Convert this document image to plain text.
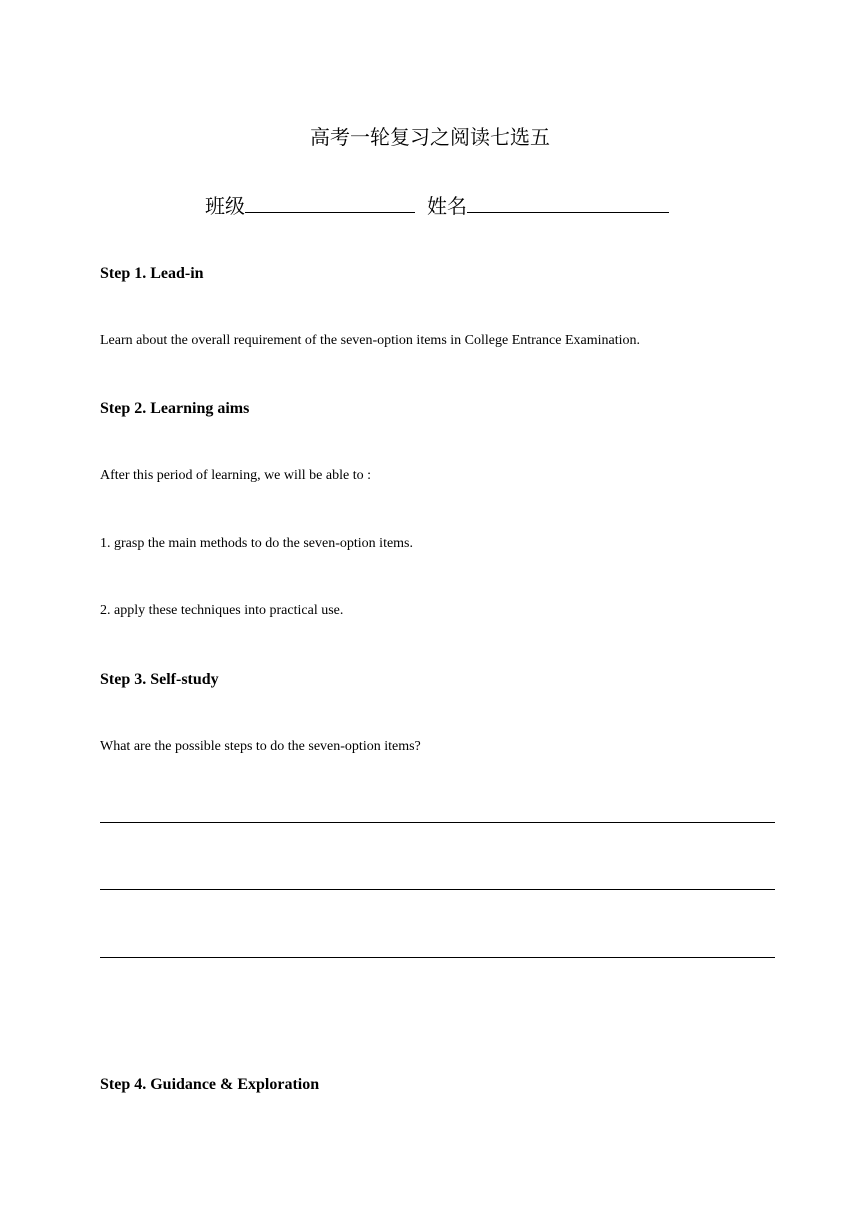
高考一轮复习之阅读七选五
班级	姓名
Step 1. Lead-in
Learn about the overall requirement of the seven-option items in College Entrance Examination.
Step 2. Learning aims
After this period of learning, we will be able to :
1. grasp the main methods to do the seven-option items.
2. apply these techniques into practical use.
Step 3. Self-study
What are the possible steps to do the seven-option items?
Step 4. Guidance & Exploration
